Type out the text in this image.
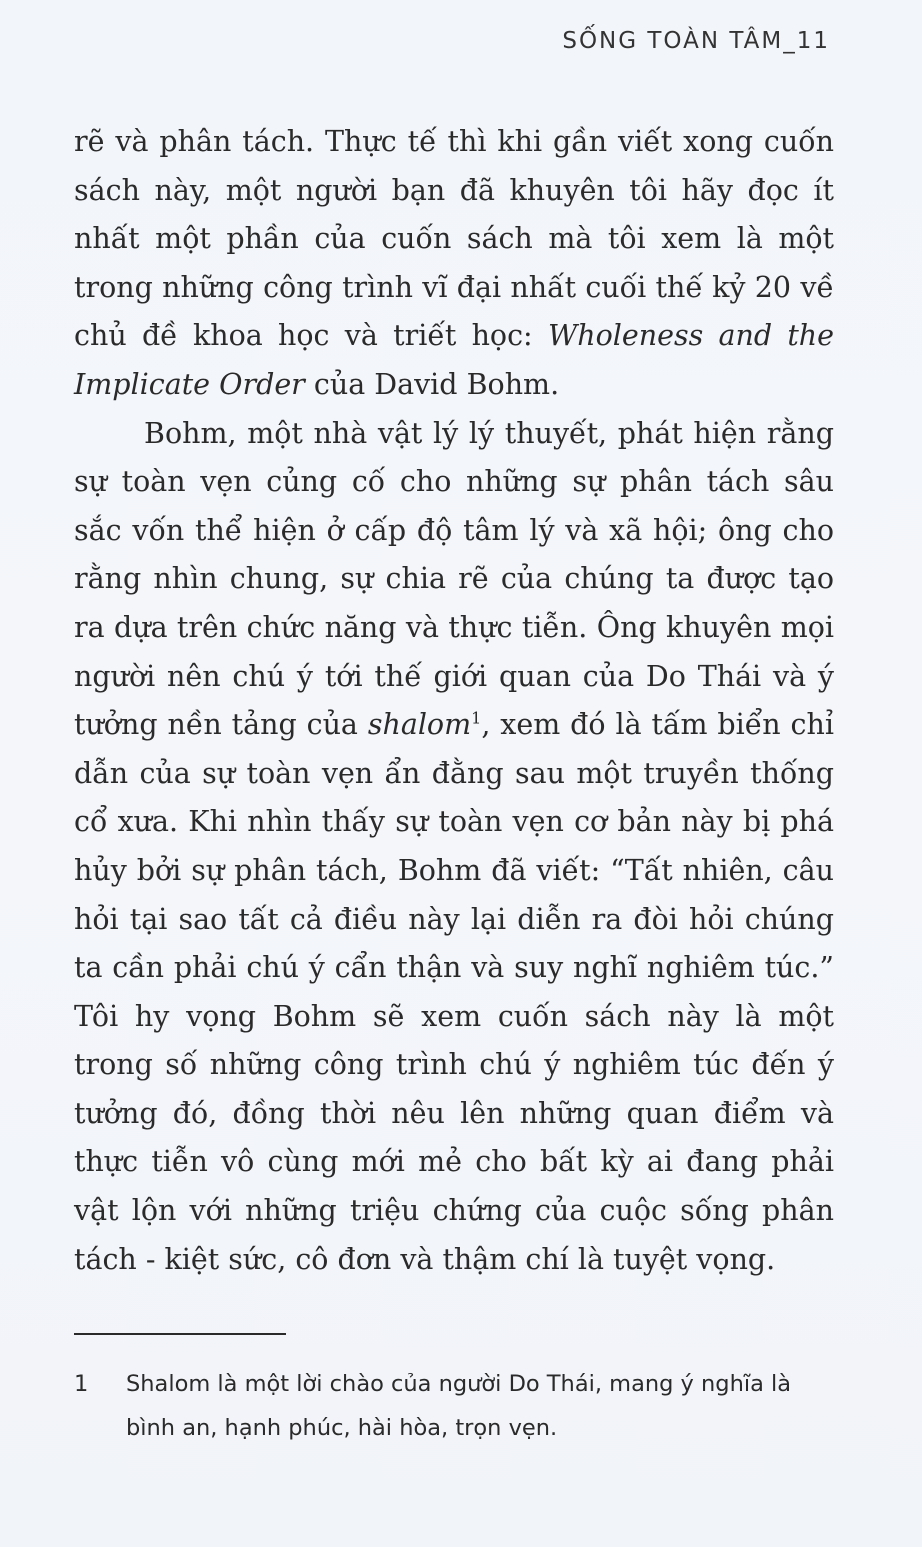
SỐNG TOÀN TÂM_11

rẽ và phân tách. Thực tế thì khi gần viết xong cuốn sách này, một người bạn đã khuyên tôi hãy đọc ít nhất một phần của cuốn sách mà tôi xem là một trong những công trình vĩ đại nhất cuối thế kỷ 20 về chủ đề khoa học và triết học: Wholeness and the Implicate Order của David Bohm.

Bohm, một nhà vật lý lý thuyết, phát hiện rằng sự toàn vẹn củng cố cho những sự phân tách sâu sắc vốn thể hiện ở cấp độ tâm lý và xã hội; ông cho rằng nhìn chung, sự chia rẽ của chúng ta được tạo ra dựa trên chức năng và thực tiễn. Ông khuyên mọi người nên chú ý tới thế giới quan của Do Thái và ý tưởng nền tảng của shalom$^1$, xem đó là tấm biển chỉ dẫn của sự toàn vẹn ẩn đằng sau một truyền thống cổ xưa. Khi nhìn thấy sự toàn vẹn cơ bản này bị phá hủy bởi sự phân tách, Bohm đã viết: “Tất nhiên, câu hỏi tại sao tất cả điều này lại diễn ra đòi hỏi chúng ta cần phải chú ý cẩn thận và suy nghĩ nghiêm túc.” Tôi hy vọng Bohm sẽ xem cuốn sách này là một trong số những công trình chú ý nghiêm túc đến ý tưởng đó, đồng thời nêu lên những quan điểm và thực tiễn vô cùng mới mẻ cho bất kỳ ai đang phải vật lộn với những triệu chứng của cuộc sống phân tách - kiệt sức, cô đơn và thậm chí là tuyệt vọng.

1 Shalom là một lời chào của người Do Thái, mang ý nghĩa là bình an, hạnh phúc, hài hòa, trọn vẹn.
